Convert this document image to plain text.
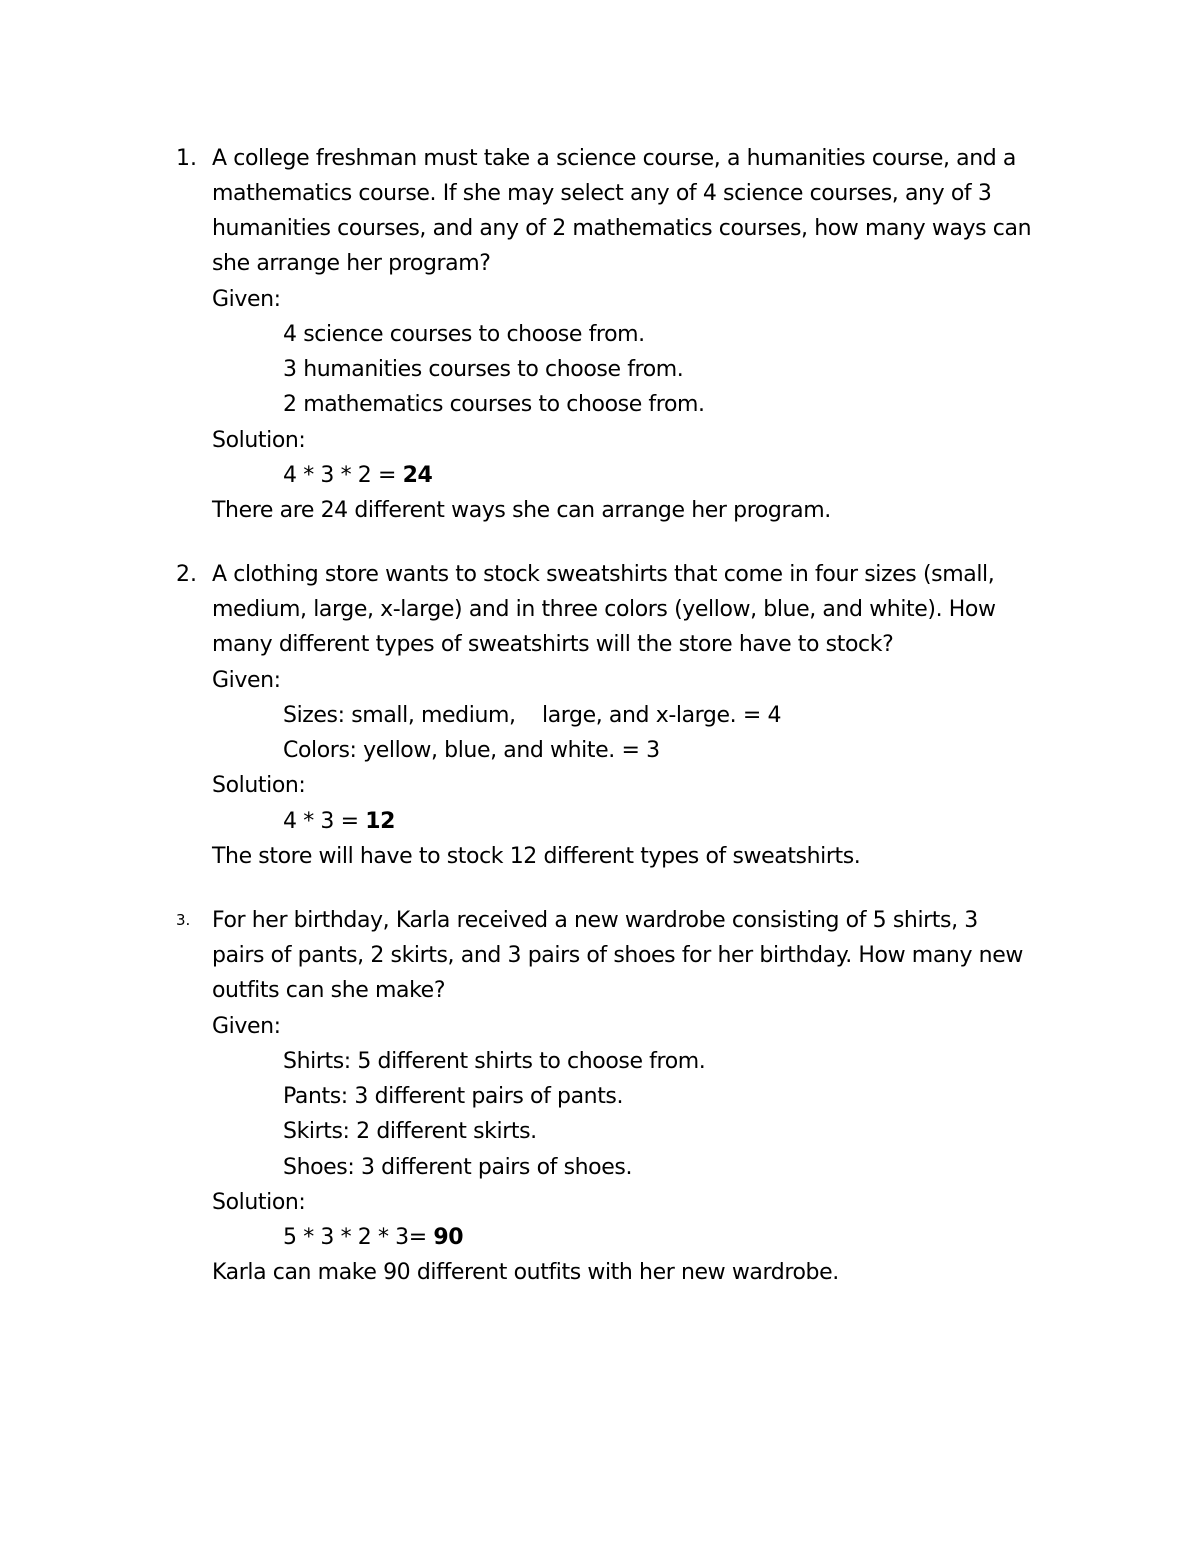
1. A college freshman must take a science course, a humanities course, and a
mathematics course. If she may select any of 4 science courses, any of 3
humanities courses, and any of 2 mathematics courses, how many ways can
she arrange her program?
Given:
4 science courses to choose from.
3 humanities courses to choose from.
2 mathematics courses to choose from.
Solution:
4 * 3 * 2 = 24
There are 24 different ways she can arrange her program.
2. A clothing store wants to stock sweatshirts that come in four sizes (small,
medium, large, x-large) and in three colors (yellow, blue, and white). How
many different types of sweatshirts will the store have to stock?
Given:
Sizes: small, medium,    large, and x-large. = 4
Colors: yellow, blue, and white. = 3
Solution:
4 * 3 = 12
The store will have to stock 12 different types of sweatshirts.
3. For her birthday, Karla received a new wardrobe consisting of 5 shirts, 3
pairs of pants, 2 skirts, and 3 pairs of shoes for her birthday. How many new
outfits can she make?
Given:
Shirts: 5 different shirts to choose from.
Pants: 3 different pairs of pants.
Skirts: 2 different skirts.
Shoes: 3 different pairs of shoes.
Solution:
5 * 3 * 2 * 3= 90
Karla can make 90 different outfits with her new wardrobe.
